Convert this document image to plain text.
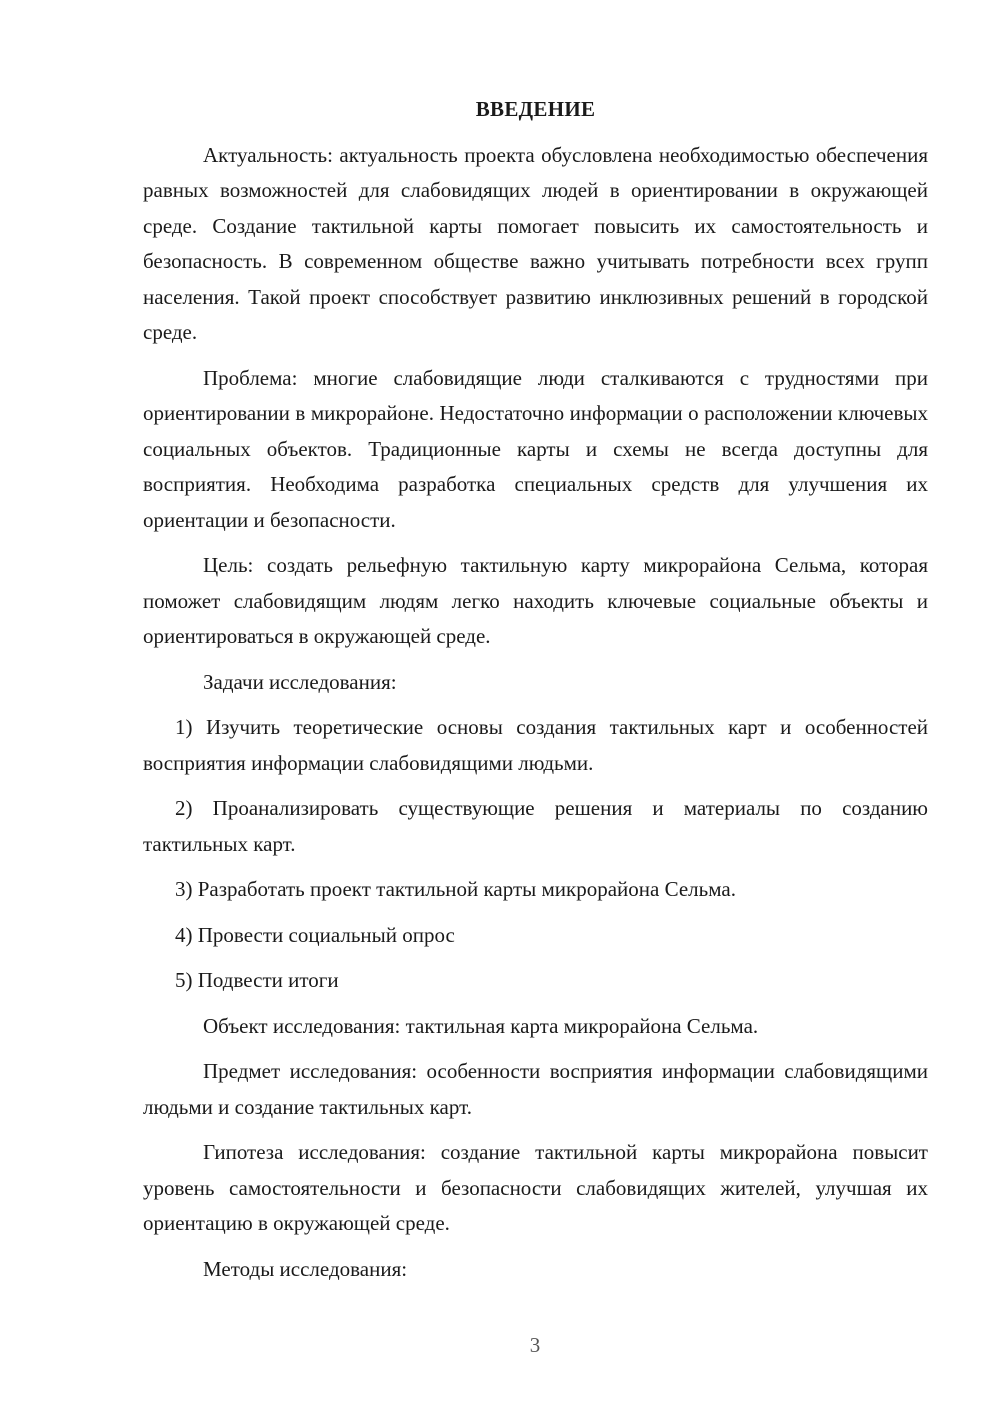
ВВЕДЕНИЕ

Актуальность: актуальность проекта обусловлена необходимостью обеспечения равных возможностей для слабовидящих людей в ориентировании в окружающей среде. Создание тактильной карты помогает повысить их самостоятельность и безопасность. В современном обществе важно учитывать потребности всех групп населения. Такой проект способствует развитию инклюзивных решений в городской среде.

Проблема: многие слабовидящие люди сталкиваются с трудностями при ориентировании в микрорайоне. Недостаточно информации о расположении ключевых социальных объектов. Традиционные карты и схемы не всегда доступны для восприятия. Необходима разработка специальных средств для улучшения их ориентации и безопасности.

Цель: создать рельефную тактильную карту микрорайона Сельма, которая поможет слабовидящим людям легко находить ключевые социальные объекты и ориентироваться в окружающей среде.

Задачи исследования:

1) Изучить теоретические основы создания тактильных карт и особенностей восприятия информации слабовидящими людьми.

2) Проанализировать существующие решения и материалы по созданию тактильных карт.

3) Разработать проект тактильной карты микрорайона Сельма.

4) Провести социальный опрос

5) Подвести итоги

Объект исследования: тактильная карта микрорайона Сельма.

Предмет исследования: особенности восприятия информации слабовидящими людьми и создание тактильных карт.

Гипотеза исследования: создание тактильной карты микрорайона повысит уровень самостоятельности и безопасности слабовидящих жителей, улучшая их ориентацию в окружающей среде.

Методы исследования:

3
